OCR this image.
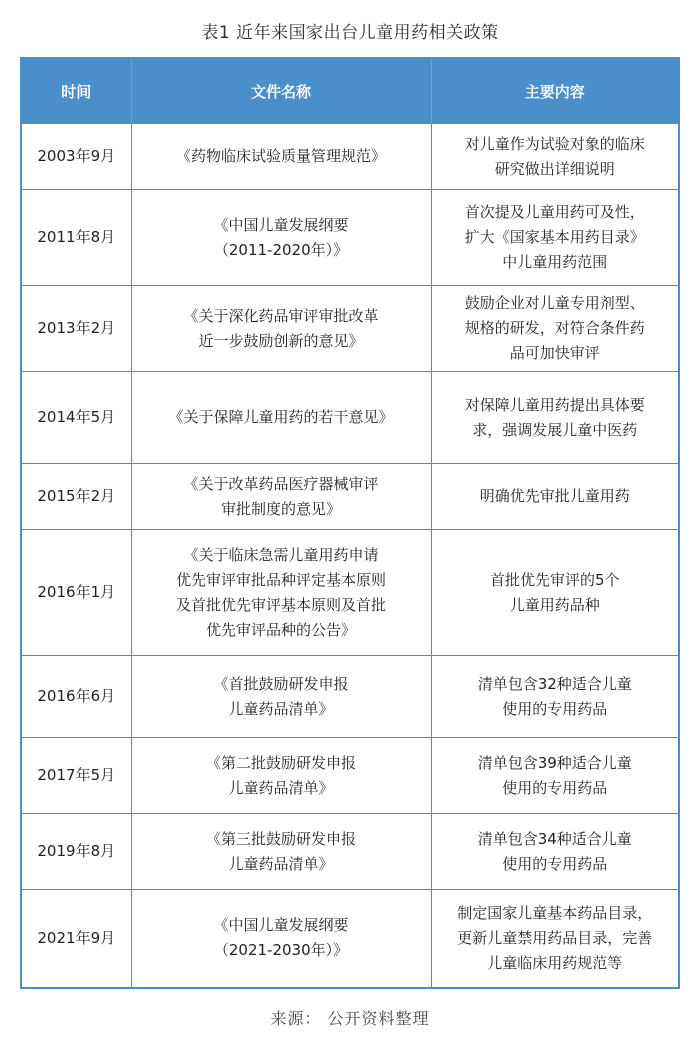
表1 近年来国家出台儿童用药相关政策
时间	文件名称	主要内容
2003年9月	《药物临床试验质量管理规范》	对儿童作为试验对象的临床
研究做出详细说明
2011年8月	《中国儿童发展纲要
（2011-2020年）》	首次提及儿童用药可及性，
扩大《国家基本用药目录》
中儿童用药范围
2013年2月	《关于深化药品审评审批改革
近一步鼓励创新的意见》	鼓励企业对儿童专用剂型、
规格的研发，对符合条件药
品可加快审评
2014年5月	《关于保障儿童用药的若干意见》	对保障儿童用药提出具体要
求，强调发展儿童中医药
2015年2月	《关于改革药品医疗器械审评
审批制度的意见》	明确优先审批儿童用药
2016年1月	《关于临床急需儿童用药申请
优先审评审批品种评定基本原则
及首批优先审评基本原则及首批
优先审评品种的公告》	首批优先审评的5个
儿童用药品种
2016年6月	《首批鼓励研发申报
儿童药品清单》	清单包含32种适合儿童
使用的专用药品
2017年5月	《第二批鼓励研发申报
儿童药品清单》	清单包含39种适合儿童
使用的专用药品
2019年8月	《第三批鼓励研发申报
儿童药品清单》	清单包含34种适合儿童
使用的专用药品
2021年9月	《中国儿童发展纲要
（2021-2030年）》	制定国家儿童基本药品目录，
更新儿童禁用药品目录，完善
儿童临床用药规范等
来源： 公开资料整理
